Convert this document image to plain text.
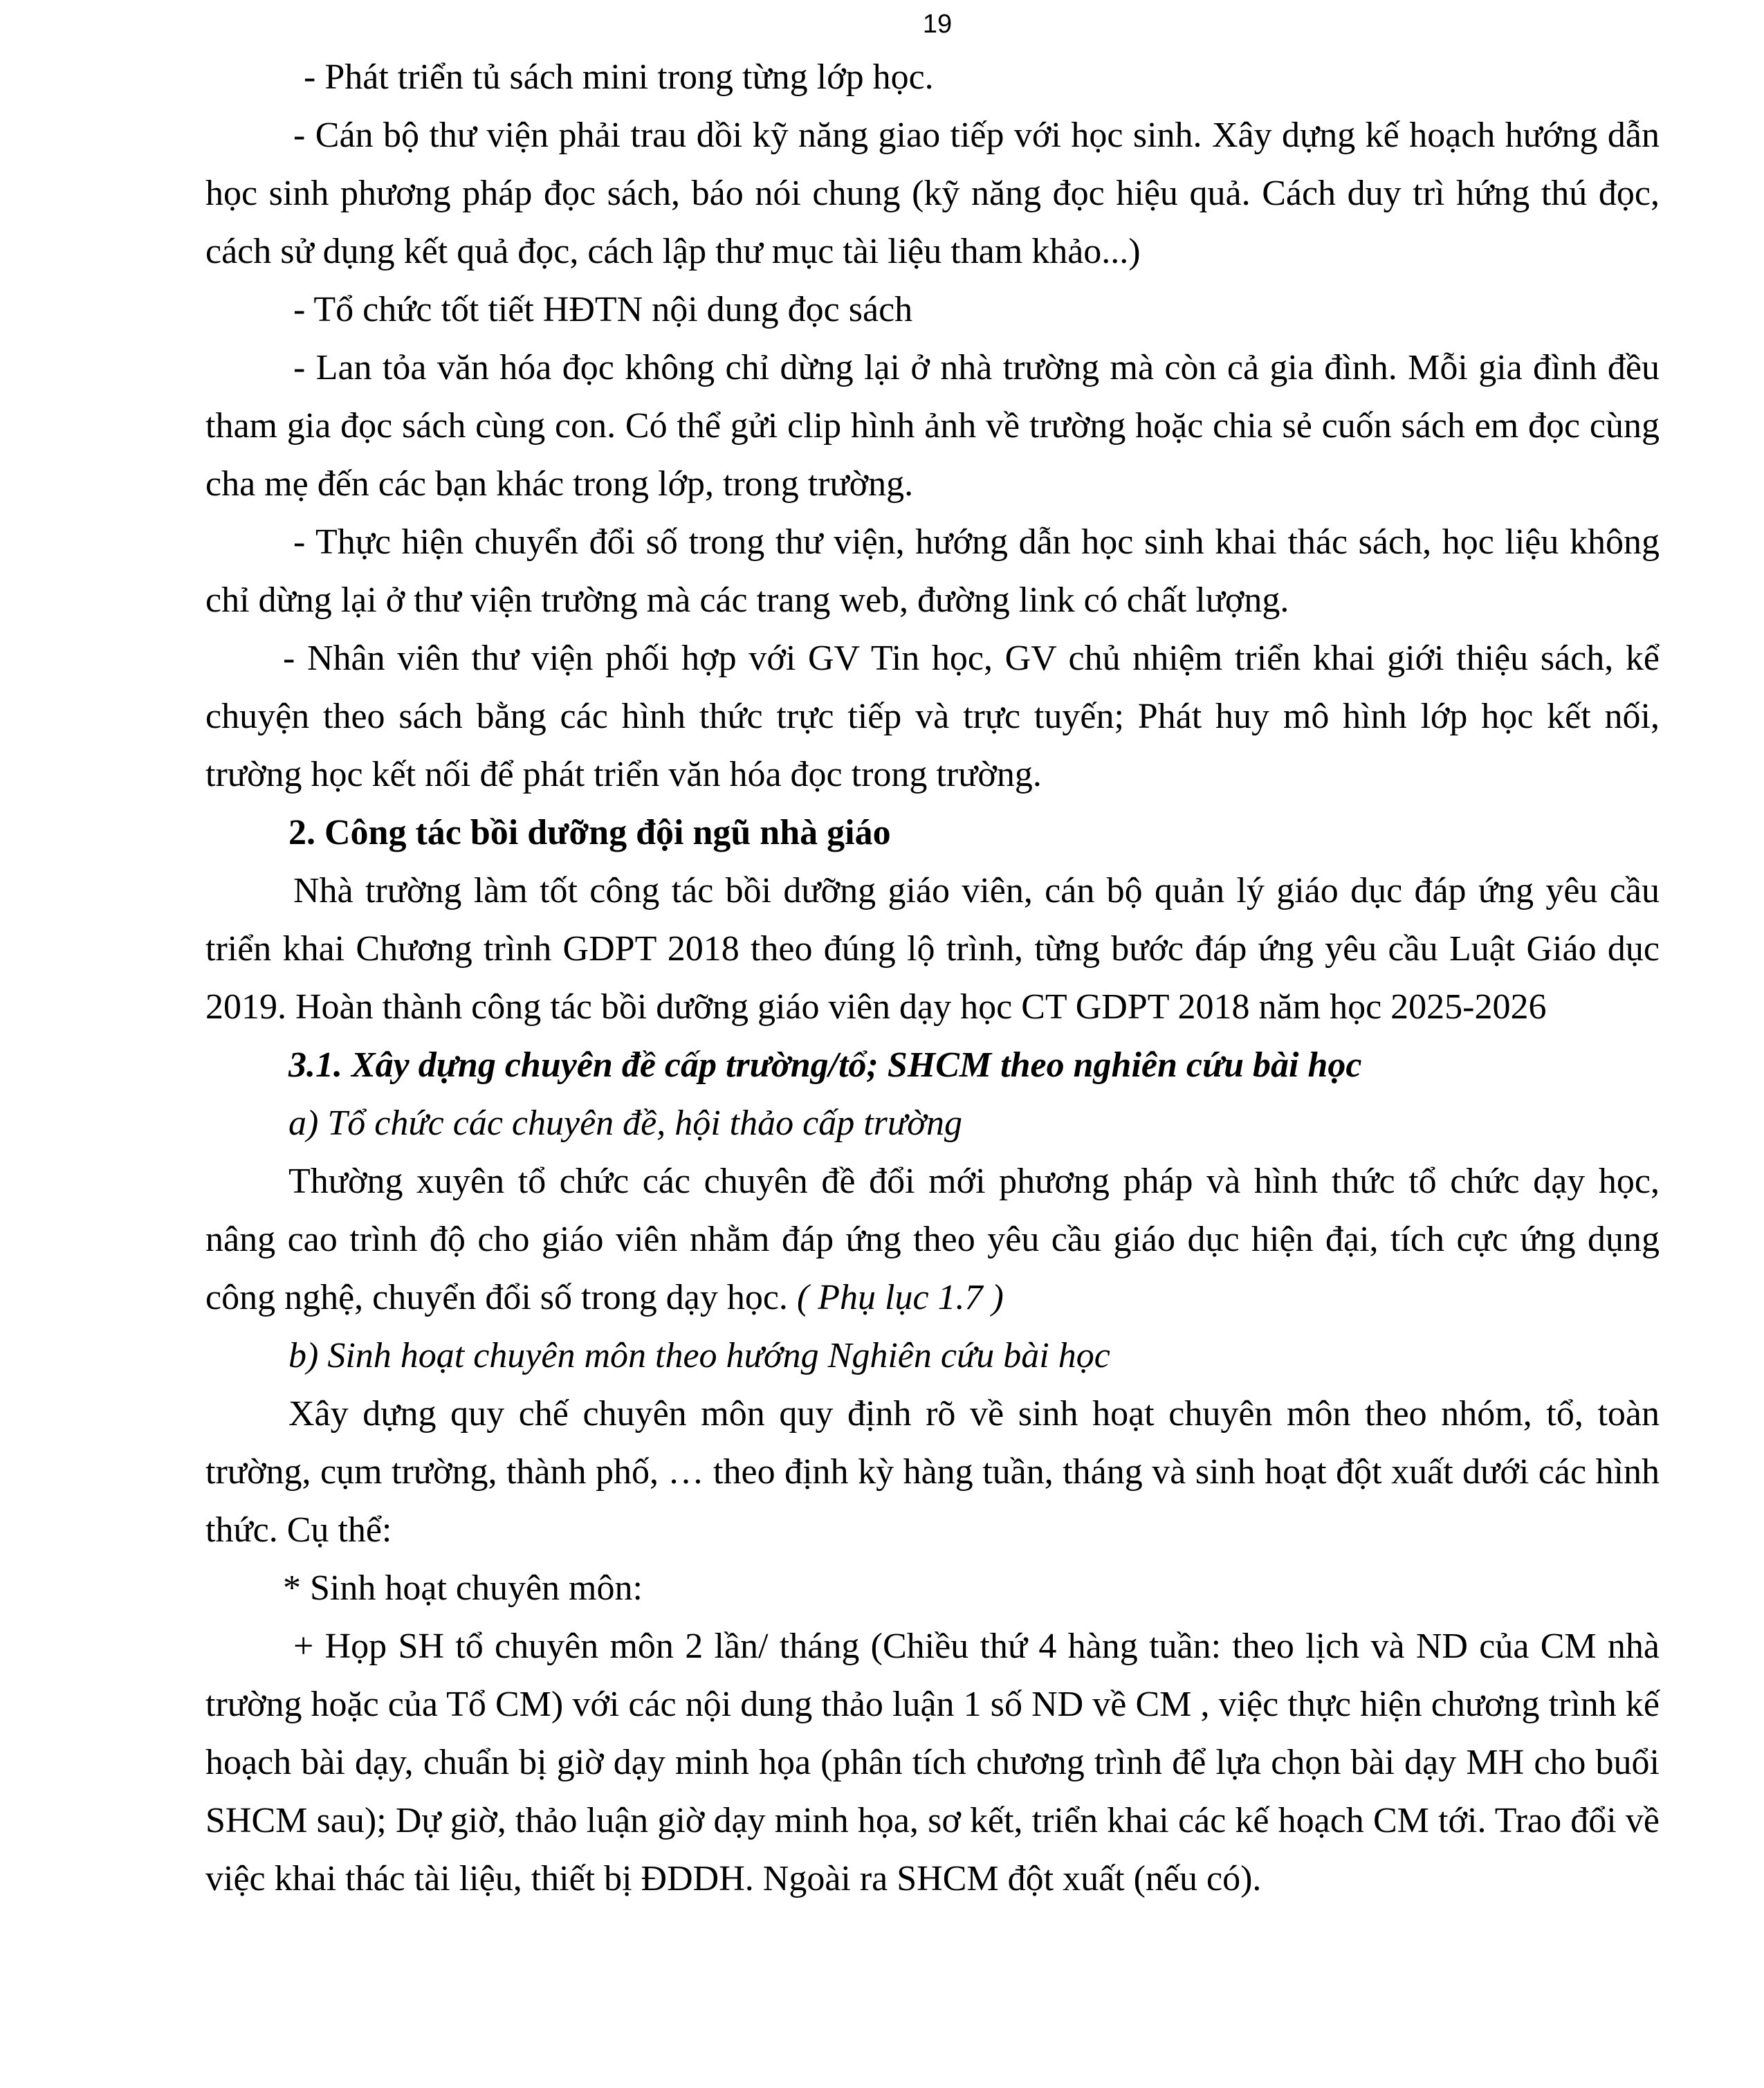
19

- Phát triển tủ sách mini trong từng lớp học.

- Cán bộ thư viện phải trau dồi kỹ năng giao tiếp với học sinh. Xây dựng kế hoạch hướng dẫn học sinh phương pháp đọc sách, báo nói chung (kỹ năng đọc hiệu quả. Cách duy trì hứng thú đọc, cách sử dụng kết quả đọc, cách lập thư mục tài liệu tham khảo...)

- Tổ chức tốt tiết HĐTN nội dung đọc sách

- Lan tỏa văn hóa đọc không chỉ dừng lại ở nhà trường mà còn cả gia đình. Mỗi gia đình đều tham gia đọc sách cùng con. Có thể gửi clip hình ảnh về trường hoặc chia sẻ cuốn sách em đọc cùng cha mẹ đến các bạn khác trong lớp, trong trường.

- Thực hiện chuyển đổi số trong thư viện, hướng dẫn học sinh khai thác sách, học liệu không chỉ dừng lại ở thư viện trường mà các trang web, đường link có chất lượng.

- Nhân viên thư viện phối hợp với GV Tin học, GV chủ nhiệm triển khai giới thiệu sách, kể chuyện theo sách bằng các hình thức trực tiếp và trực tuyến; Phát huy mô hình lớp học kết nối, trường học kết nối để phát triển văn hóa đọc trong trường.

2. Công tác bồi dưỡng đội ngũ nhà giáo

Nhà trường làm tốt công tác bồi dưỡng giáo viên, cán bộ quản lý giáo dục đáp ứng yêu cầu triển khai Chương trình GDPT 2018 theo đúng lộ trình, từng bước đáp ứng yêu cầu Luật Giáo dục 2019. Hoàn thành công tác bồi dưỡng giáo viên dạy học CT GDPT 2018 năm học 2025-2026

3.1. Xây dựng chuyên đề cấp trường/tổ; SHCM theo nghiên cứu bài học

a) Tổ chức các chuyên đề, hội thảo cấp trường

Thường xuyên tổ chức các chuyên đề đổi mới phương pháp và hình thức tổ chức dạy học, nâng cao trình độ cho giáo viên nhằm đáp ứng theo yêu cầu giáo dục hiện đại, tích cực ứng dụng công nghệ, chuyển đổi số trong dạy học. ( Phụ lục 1.7 )

b) Sinh hoạt chuyên môn theo hướng Nghiên cứu bài học

Xây dựng quy chế chuyên môn quy định rõ về sinh hoạt chuyên môn theo nhóm, tổ, toàn trường, cụm trường, thành phố, … theo định kỳ hàng tuần, tháng và sinh hoạt đột xuất dưới các hình thức. Cụ thể:

* Sinh hoạt chuyên môn:

+ Họp SH tổ chuyên môn 2 lần/ tháng (Chiều thứ 4 hàng tuần: theo lịch và ND của CM nhà trường hoặc của Tổ CM) với các nội dung thảo luận 1 số ND về CM , việc thực hiện chương trình kế hoạch bài dạy, chuẩn bị giờ dạy minh họa (phân tích chương trình để lựa chọn bài dạy MH cho buổi SHCM sau); Dự giờ, thảo luận giờ dạy minh họa, sơ kết, triển khai các kế hoạch CM tới. Trao đổi về việc khai thác tài liệu, thiết bị ĐDDH. Ngoài ra SHCM đột xuất (nếu có).
